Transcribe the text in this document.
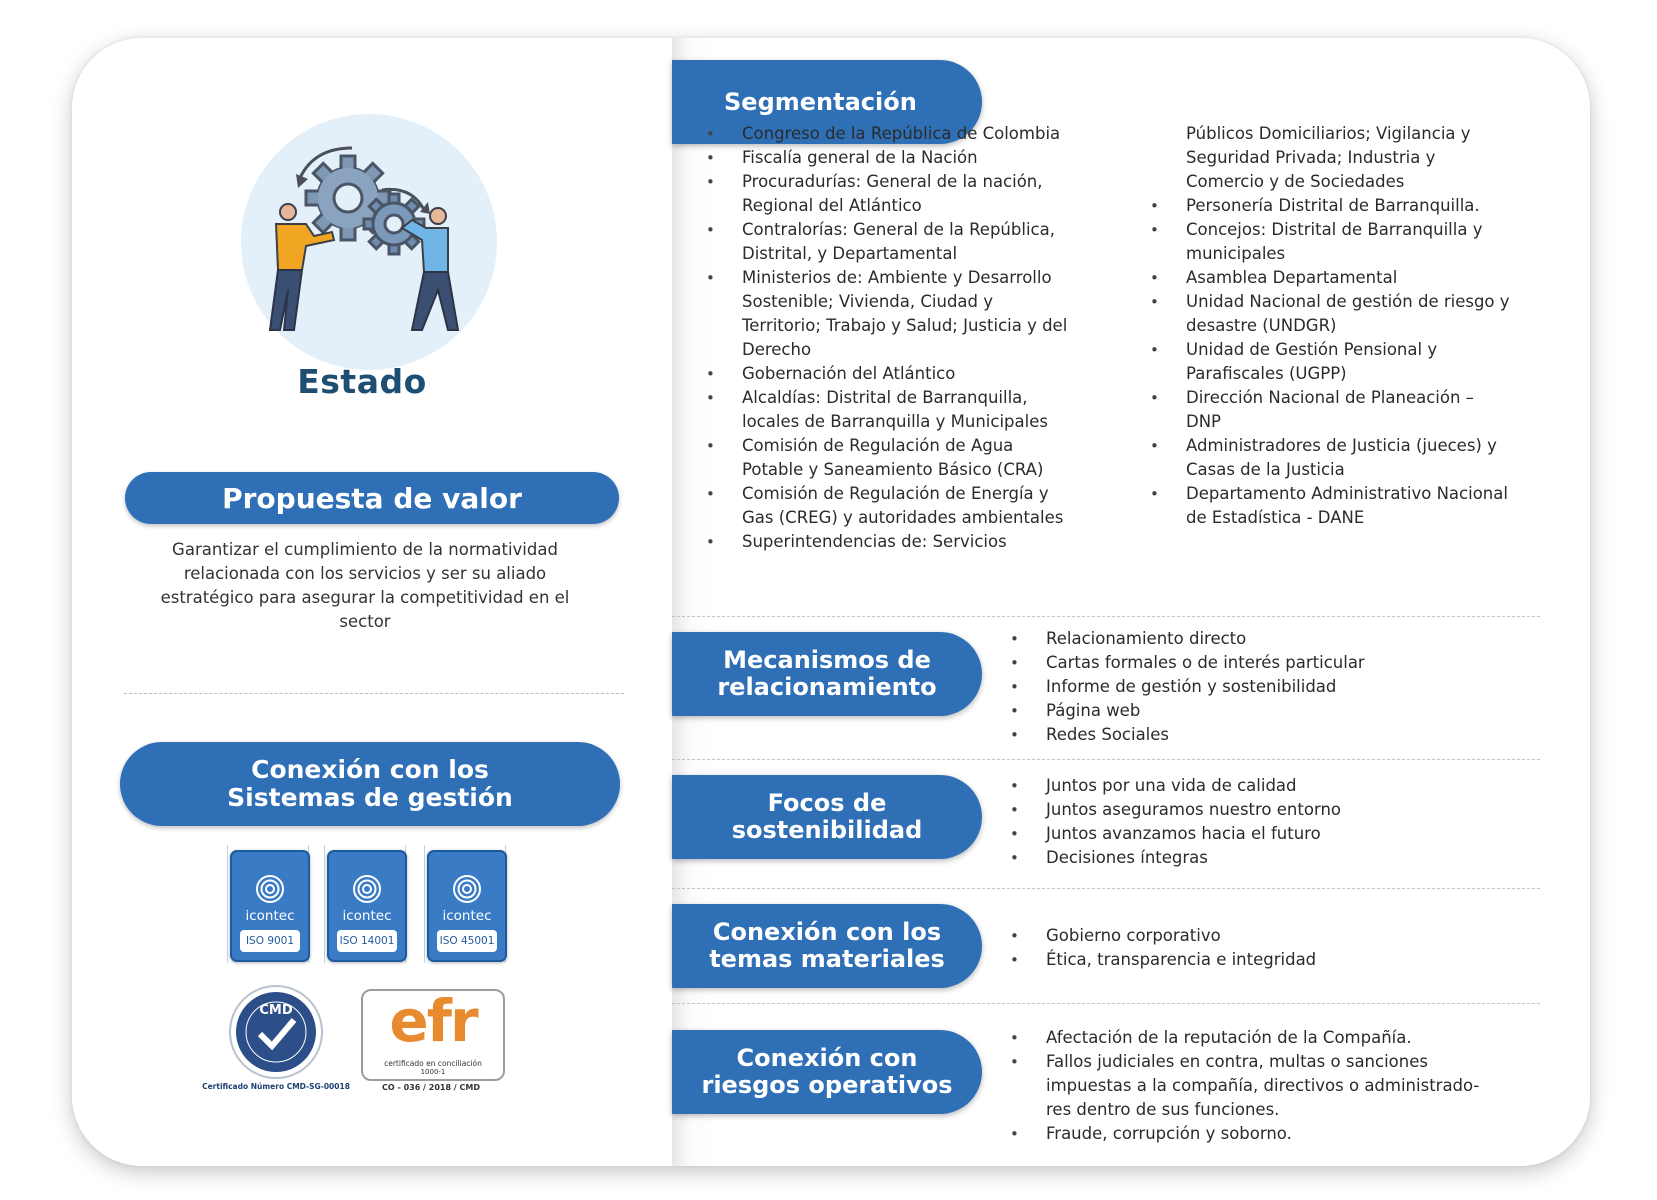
Estado
Propuesta de valor
Garantizar el cumplimiento de la normatividad relacionada con los servicios y ser su aliado estratégico para asegurar la competitividad en el sector
Conexión con los
Sistemas de gestión
icontec
ISO 9001
icontec
ISO 14001
icontec
ISO 45001
CMD
Certificado Número CMD-SG-00018
efr
certificado en conciliación
1000-1
CO - 036 / 2018 / CMD
Segmentación
• Congreso de la República de Colombia
• Fiscalía general de la Nación
• Procuradurías: General de la nación,
Regional del Atlántico
• Contralorías: General de la República,
Distrital, y Departamental
• Ministerios de: Ambiente y Desarrollo
Sostenible; Vivienda, Ciudad y
Territorio; Trabajo y Salud; Justicia y del
Derecho
• Gobernación del Atlántico
• Alcaldías: Distrital de Barranquilla,
locales de Barranquilla y Municipales
• Comisión de Regulación de Agua
Potable y Saneamiento Básico (CRA)
• Comisión de Regulación de Energía y
Gas (CREG) y autoridades ambientales
• Superintendencias de: Servicios
Públicos Domiciliarios; Vigilancia y
Seguridad Privada; Industria y
Comercio y de Sociedades
• Personería Distrital de Barranquilla.
• Concejos: Distrital de Barranquilla y
municipales
• Asamblea Departamental
• Unidad Nacional de gestión de riesgo y
desastre (UNDGR)
• Unidad de Gestión Pensional y
Parafiscales (UGPP)
• Dirección Nacional de Planeación –
DNP
• Administradores de Justicia (jueces) y
Casas de la Justicia
• Departamento Administrativo Nacional
de Estadística - DANE
Mecanismos de
relacionamiento
• Relacionamiento directo
• Cartas formales o de interés particular
• Informe de gestión y sostenibilidad
• Página web
• Redes Sociales
Focos de
sostenibilidad
• Juntos por una vida de calidad
• Juntos aseguramos nuestro entorno
• Juntos avanzamos hacia el futuro
• Decisiones íntegras
Conexión con los
temas materiales
• Gobierno corporativo
• Ética, transparencia e integridad
Conexión con
riesgos operativos
• Afectación de la reputación de la Compañía.
• Fallos judiciales en contra, multas o sanciones
impuestas a la compañía, directivos o administrado-
res dentro de sus funciones.
• Fraude, corrupción y soborno.
